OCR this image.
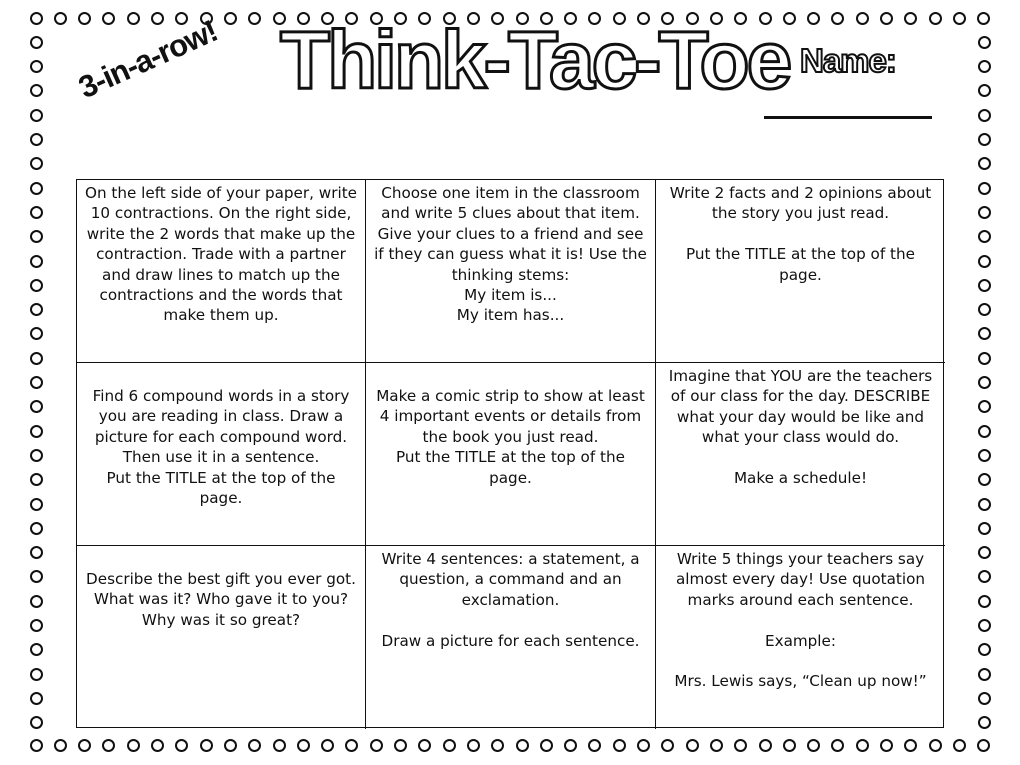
3-in-a-row! Think-Tac-Toe Name:
On the left side of your paper, write 10 contractions. On the right side, write the 2 words that make up the contraction. Trade with a partner and draw lines to match up the contractions and the words that make them up.
Choose one item in the classroom and write 5 clues about that item. Give your clues to a friend and see if they can guess what it is! Use the thinking stems:
My item is...
My item has...
Write 2 facts and 2 opinions about the story you just read.
Put the TITLE at the top of the page.
Find 6 compound words in a story you are reading in class. Draw a picture for each compound word. Then use it in a sentence.
Put the TITLE at the top of the page.
Make a comic strip to show at least 4 important events or details from the book you just read.
Put the TITLE at the top of the page.
Imagine that YOU are the teachers of our class for the day. DESCRIBE what your day would be like and what your class would do.
Make a schedule!
Describe the best gift you ever got. What was it? Who gave it to you? Why was it so great?
Write 4 sentences: a statement, a question, a command and an exclamation.
Draw a picture for each sentence.
Write 5 things your teachers say almost every day! Use quotation marks around each sentence.
Example:
Mrs. Lewis says, “Clean up now!”
